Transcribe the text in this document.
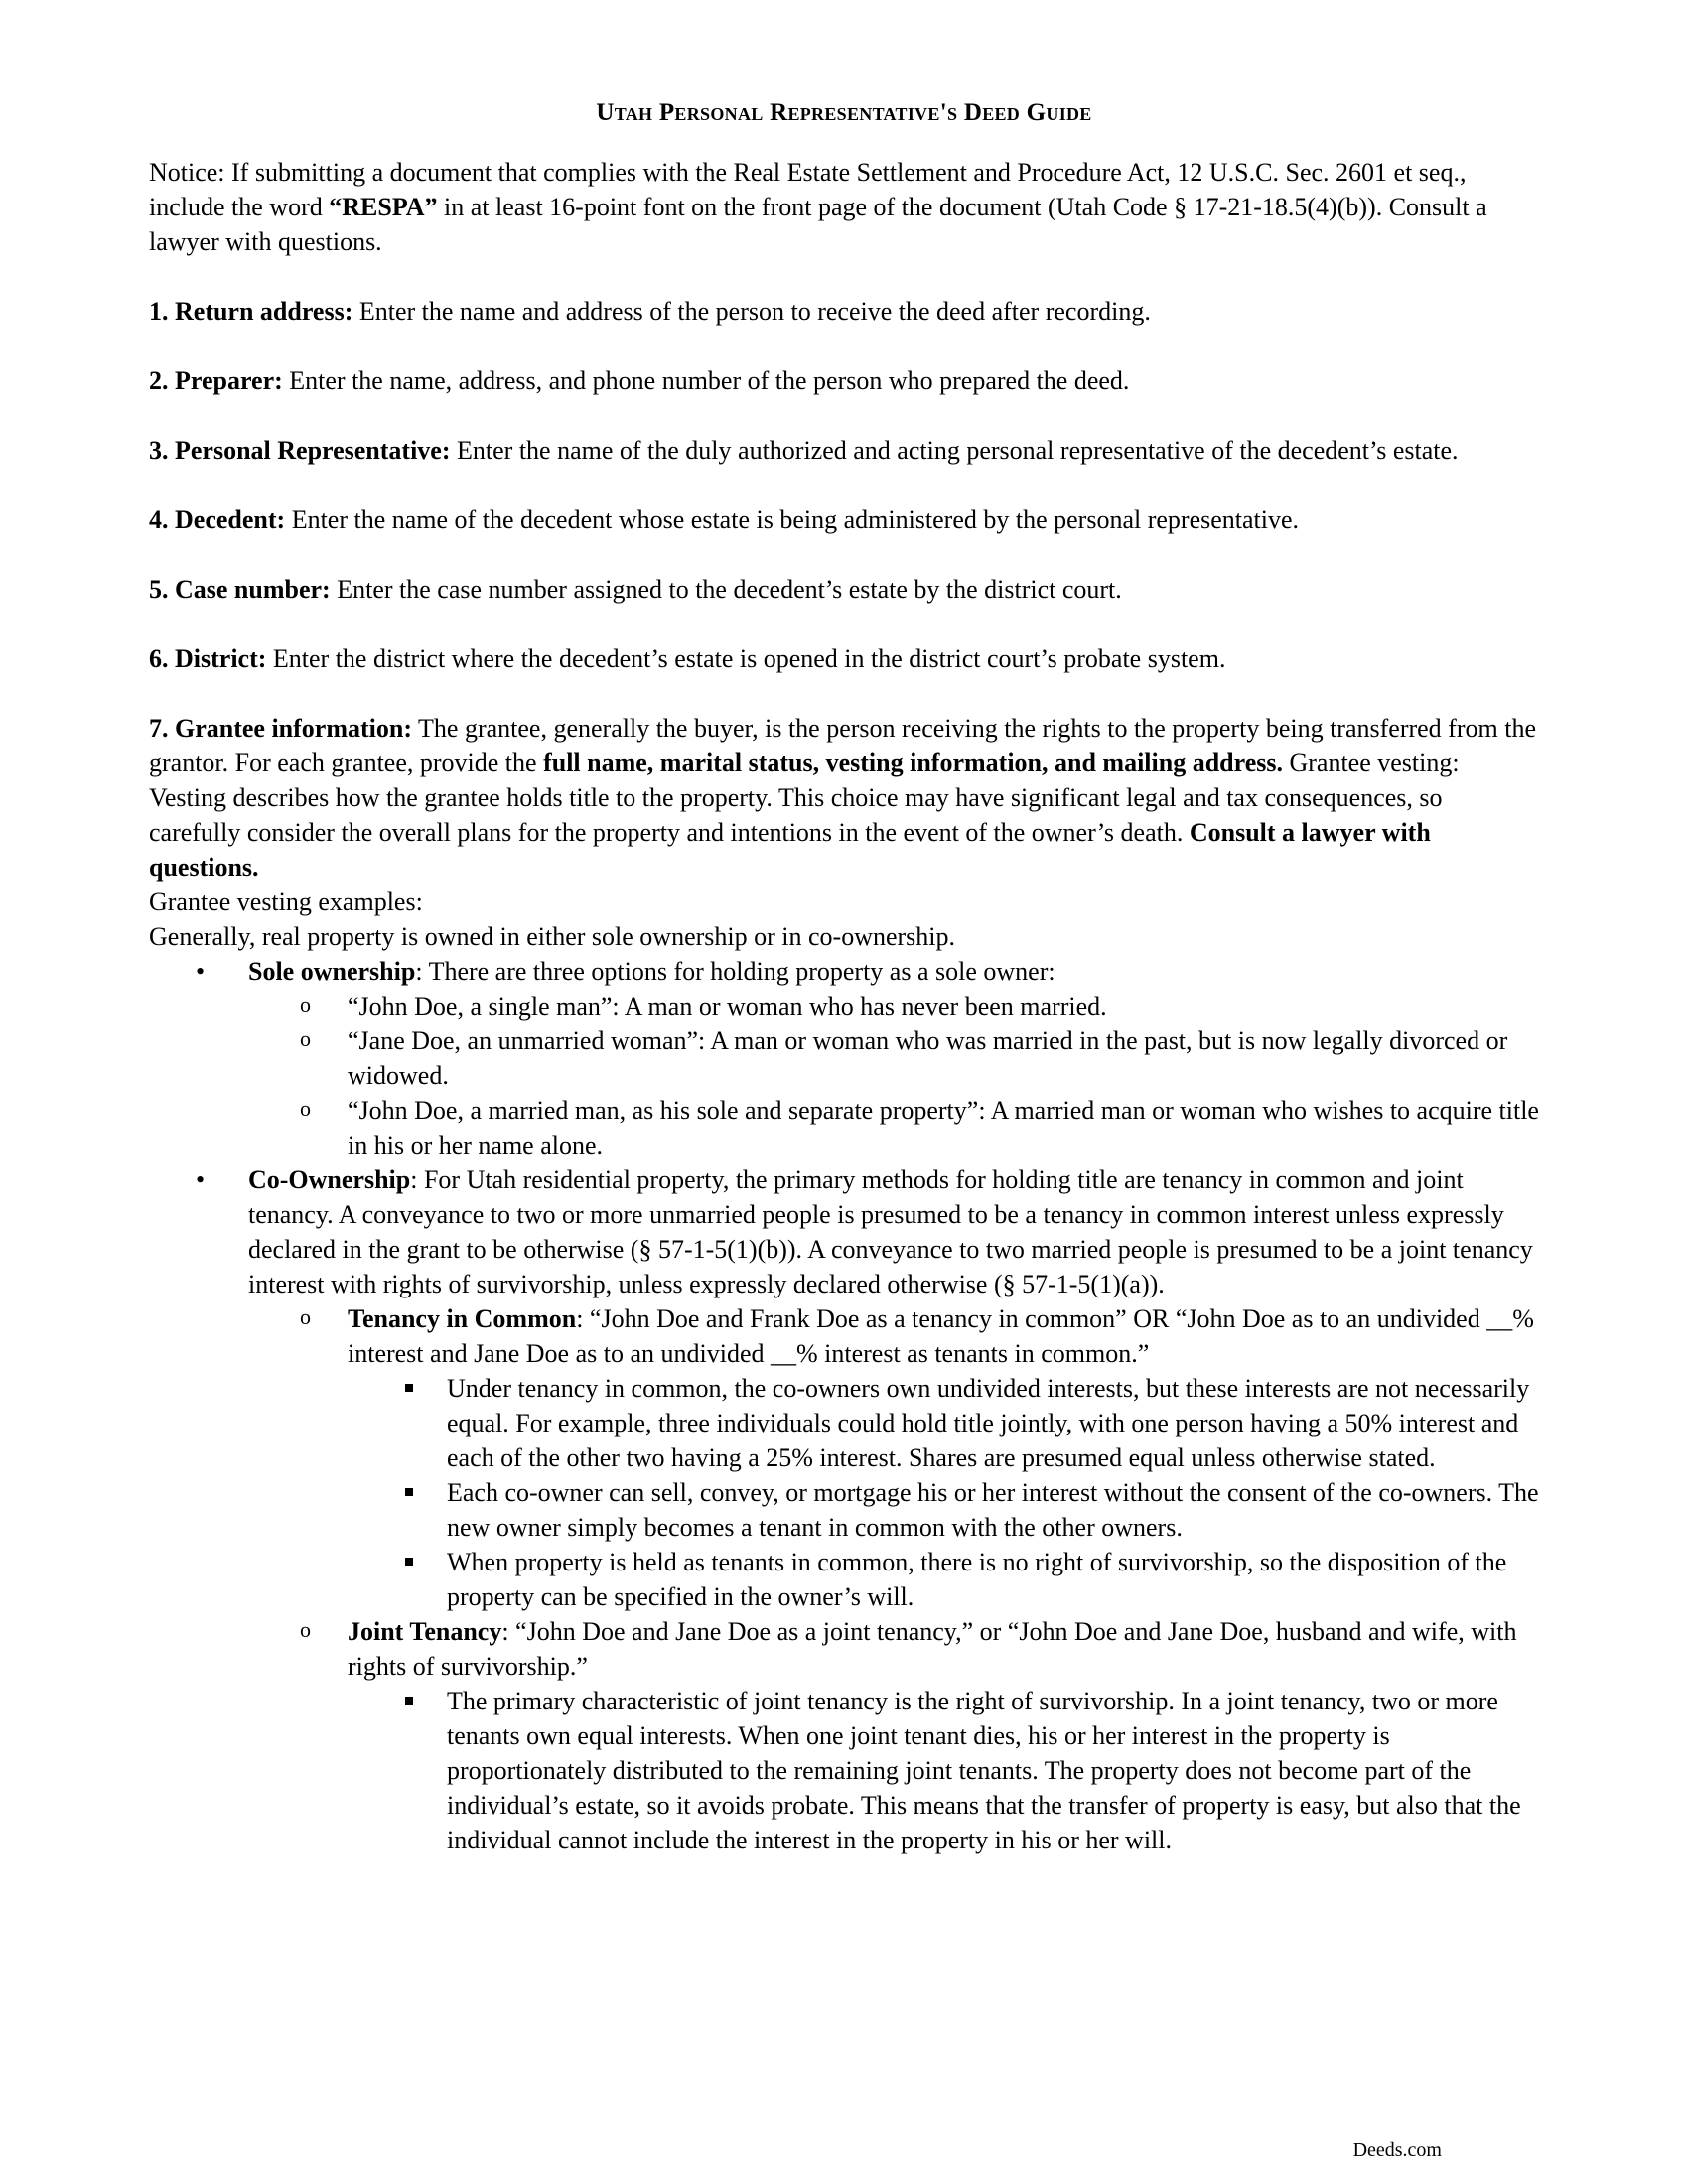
Utah Personal Representative's Deed Guide

Notice: If submitting a document that complies with the Real Estate Settlement and Procedure Act, 12 U.S.C. Sec. 2601 et seq., include the word “RESPA” in at least 16-point font on the front page of the document (Utah Code § 17-21-18.5(4)(b)). Consult a lawyer with questions.

1. Return address: Enter the name and address of the person to receive the deed after recording.

2. Preparer: Enter the name, address, and phone number of the person who prepared the deed.

3. Personal Representative: Enter the name of the duly authorized and acting personal representative of the decedent’s estate.

4. Decedent: Enter the name of the decedent whose estate is being administered by the personal representative.

5. Case number: Enter the case number assigned to the decedent’s estate by the district court.

6. District: Enter the district where the decedent’s estate is opened in the district court’s probate system.

7. Grantee information: The grantee, generally the buyer, is the person receiving the rights to the property being transferred from the grantor. For each grantee, provide the full name, marital status, vesting information, and mailing address. Grantee vesting: Vesting describes how the grantee holds title to the property. This choice may have significant legal and tax consequences, so carefully consider the overall plans for the property and intentions in the event of the owner’s death. Consult a lawyer with questions.

Grantee vesting examples:

Generally, real property is owned in either sole ownership or in co-ownership.

• Sole ownership: There are three options for holding property as a sole owner:
o “John Doe, a single man”: A man or woman who has never been married.
o “Jane Doe, an unmarried woman”: A man or woman who was married in the past, but is now legally divorced or widowed.
o “John Doe, a married man, as his sole and separate property”: A married man or woman who wishes to acquire title in his or her name alone.
• Co-Ownership: For Utah residential property, the primary methods for holding title are tenancy in common and joint tenancy. A conveyance to two or more unmarried people is presumed to be a tenancy in common interest unless expressly declared in the grant to be otherwise (§ 57-1-5(1)(b)). A conveyance to two married people is presumed to be a joint tenancy interest with rights of survivorship, unless expressly declared otherwise (§ 57-1-5(1)(a)).
o Tenancy in Common: “John Doe and Frank Doe as a tenancy in common” OR “John Doe as to an undivided __% interest and Jane Doe as to an undivided __% interest as tenants in common.”
Under tenancy in common, the co-owners own undivided interests, but these interests are not necessarily equal. For example, three individuals could hold title jointly, with one person having a 50% interest and each of the other two having a 25% interest. Shares are presumed equal unless otherwise stated.
Each co-owner can sell, convey, or mortgage his or her interest without the consent of the co-owners. The new owner simply becomes a tenant in common with the other owners.
When property is held as tenants in common, there is no right of survivorship, so the disposition of the property can be specified in the owner’s will.
o Joint Tenancy: “John Doe and Jane Doe as a joint tenancy,” or “John Doe and Jane Doe, husband and wife, with rights of survivorship.”
The primary characteristic of joint tenancy is the right of survivorship. In a joint tenancy, two or more tenants own equal interests. When one joint tenant dies, his or her interest in the property is proportionately distributed to the remaining joint tenants. The property does not become part of the individual’s estate, so it avoids probate. This means that the transfer of property is easy, but also that the individual cannot include the interest in the property in his or her will.
Deeds.com
